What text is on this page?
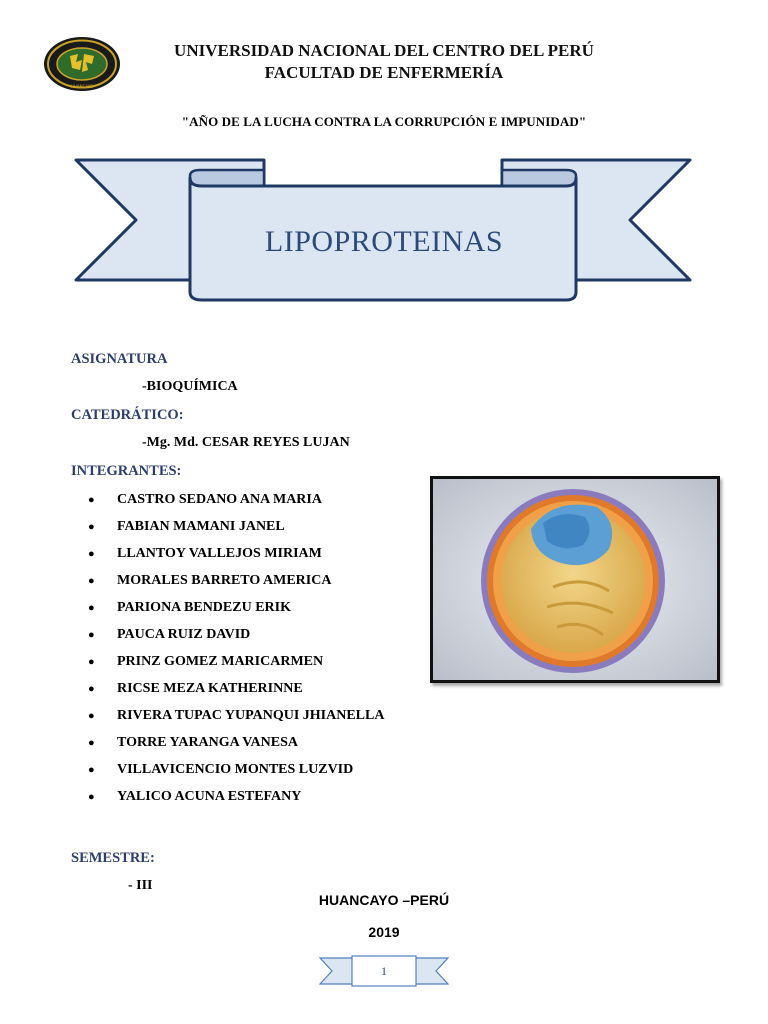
HUANCAYO
UNIVERSIDAD NACIONAL DEL CENTRO DEL PERÚ
FACULTAD DE ENFERMERÍA
"AÑO DE LA LUCHA CONTRA LA CORRUPCIÓN E IMPUNIDAD"
LIPOPROTEINAS
ASIGNATURA
-BIOQUÍMICA
CATEDRÁTICO:
-Mg. Md. CESAR REYES LUJAN
INTEGRANTES:
●	CASTRO SEDANO ANA MARIA
●	FABIAN MAMANI JANEL
●	LLANTOY VALLEJOS MIRIAM
●	MORALES BARRETO AMERICA
●	PARIONA BENDEZU ERIK
●	PAUCA RUIZ DAVID
●	PRINZ GOMEZ MARICARMEN
●	RICSE MEZA KATHERINNE
●	RIVERA TUPAC YUPANQUI JHIANELLA
●	TORRE YARANGA VANESA
●	VILLAVICENCIO MONTES LUZVID
●	YALICO ACUNA ESTEFANY
SEMESTRE:
- III
HUANCAYO –PERÚ
2019
1
